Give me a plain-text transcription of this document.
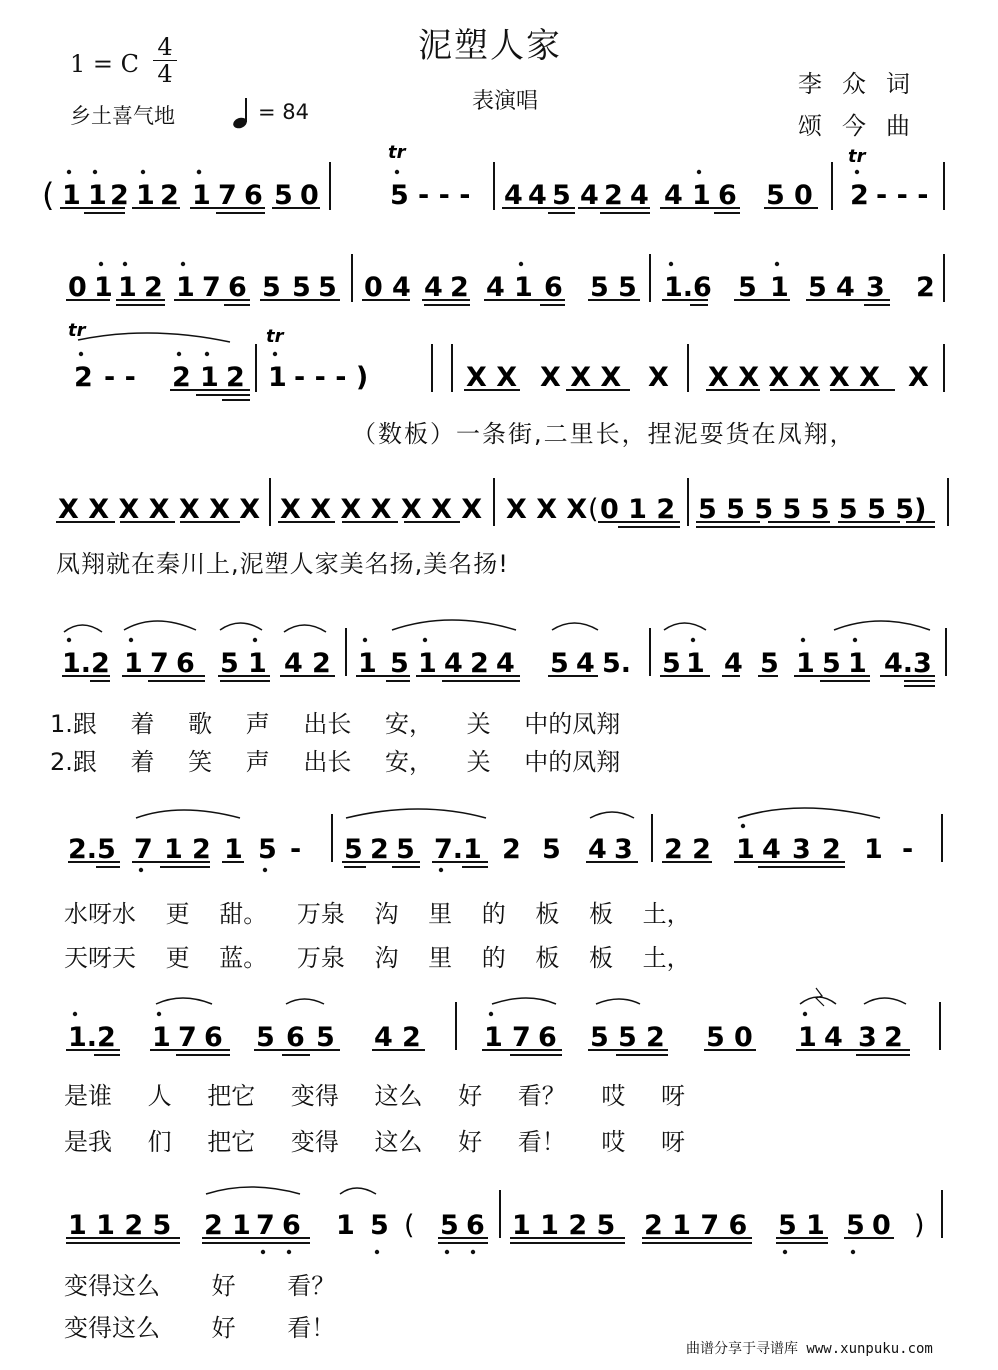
泥塑人家
表演唱
1 = C
4
4
乡土喜气地	= 84
李众词
颂今曲
( 1 1 2 1 2 1 7 6 5 0
tr
5 - - - 4 4 5 4 2 4 4 1 6 5 0
tr
2 - - -
0 1 1 2 1 7 6 5 5 5 0 4 4 2 4 1 6 5 5 1.6 5 1 5 4 3 2
tr
2 - - 2 1 2
tr
1 - - - )	X X X X X X X X X X X X X
X X X X X X X X X X X X X X X X X ( 0 1 2 5 5 5 5 5 5 5 5)
1.2 1 7 6 5 1 4 2 1 5 1 4 2 4 5 4 5. 5 1 4 5 1 5 1 4.3
2.5 7 1 2 1 5 - 5 2 5 7.1 2 5 4 3 2 2 1 4 3 2 1 -
1.2 1 7 6 5 6 5 4 2 1 7 6 5 5 2 5 0 1 4 3 2
1 1 2 5 2 1 7 6 1 5 ( 5 6 1 1 2 5 2 1 7 6 5 1 5 0 )
（数板）一条街,二里长，捏泥耍货在凤翔，
凤翔就在秦川上,泥塑人家美名扬,美名扬!
1.跟 着 歌 声 出长 安， 关 中的凤翔
2.跟 着 笑 声 出长 安， 关 中的凤翔
水呀水 更 甜。 万泉 沟 里 的 板 板 土，
天呀天 更 蓝。 万泉 沟 里 的 板 板 土，
是谁 人 把它 变得 这么 好 看？ 哎 呀
是我 们 把它 变得 这么 好 看！ 哎 呀
变得这么 好 看？
变得这么 好 看！
曲谱分享于寻谱库 www.xunpuku.com
